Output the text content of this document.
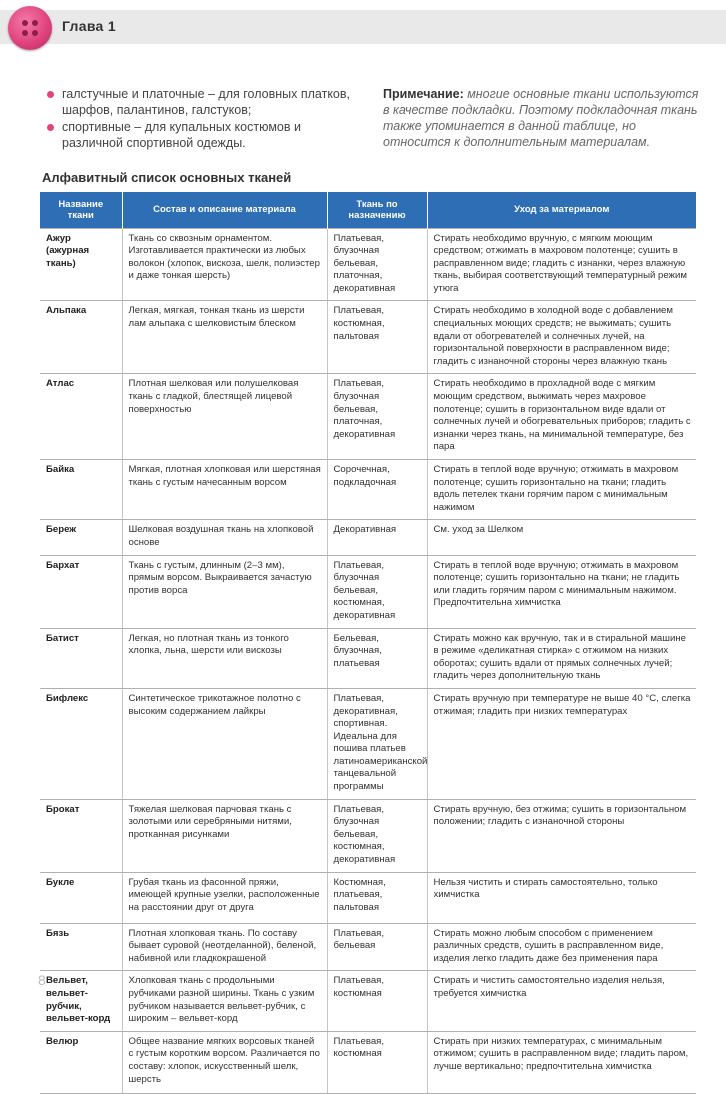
Глава 1
галстучные и платочные – для головных платков, шарфов, палантинов, галстуков;
спортивные – для купальных костюмов и различной спортивной одежды.
Примечание: многие основные ткани используются в качестве подкладки. Поэтому подкладочная ткань также упоминается в данной таблице, но относится к дополнительным материалам.
Алфавитный список основных тканей
Название ткани	Состав и описание материала	Ткань по назначению	Уход за материалом
Ажур (ажурная ткань)	Ткань со сквозным орнаментом. Изготавливается практически из любых волокон (хлопок, вискоза, шелк, полиэстер и даже тонкая шерсть)	Платьевая, блузочная бельевая, платочная, декоративная	Стирать необходимо вручную, с мягким моющим средством; отжимать в махровом полотенце; сушить в расправленном виде; гладить с изнанки, через влажную ткань, выбирая соответствующий температурный режим утюга
Альпака	Легкая, мягкая, тонкая ткань из шерсти лам альпака с шелковистым блеском	Платьевая, костюмная, пальтовая	Стирать необходимо в холодной воде с добавлением специальных моющих средств; не выжимать; сушить вдали от обогревателей и солнечных лучей, на горизонтальной поверхности в расправленном виде; гладить с изнаночной стороны через влажную ткань
Атлас	Плотная шелковая или полушелковая ткань с гладкой, блестящей лицевой поверхностью	Платьевая, блузочная бельевая, платочная, декоративная	Стирать необходимо в прохладной воде с мягким моющим средством, выжимать через махровое полотенце; сушить в горизонтальном виде вдали от солнечных лучей и обогревательных приборов; гладить с изнанки через ткань, на минимальной температуре, без пара
Байка	Мягкая, плотная хлопковая или шерстяная ткань с густым начесанным ворсом	Сорочечная, подкладочная	Стирать в теплой воде вручную; отжимать в махровом полотенце; сушить горизонтально на ткани; гладить вдоль петелек ткани горячим паром с минимальным нажимом
Береж	Шелковая воздушная ткань на хлопковой основе	Декоративная	См. уход за Шелком
Бархат	Ткань с густым, длинным (2–3 мм), прямым ворсом. Выкраивается зачастую против ворса	Платьевая, блузочная бельевая, костюмная, декоративная	Стирать в теплой воде вручную; отжимать в махровом полотенце; сушить горизонтально на ткани; не гладить или гладить горячим паром с минимальным нажимом. Предпочтительна химчистка
Батист	Легкая, но плотная ткань из тонкого хлопка, льна, шерсти или вискозы	Бельевая, блузочная, платьевая	Стирать можно как вручную, так и в стиральной машине в режиме «деликатная стирка» с отжимом на низких оборотах; сушить вдали от прямых солнечных лучей; гладить через дополнительную ткань
Бифлекс	Синтетическое трикотажное полотно с высоким содержанием лайкры	Платьевая, декоративная, спортивная. Идеальна для пошива платьев латиноамериканской танцевальной программы	Стирать вручную при температуре не выше 40 °С, слегка отжимая; гладить при низких температурах
Брокат	Тяжелая шелковая парчовая ткань с золотыми или серебряными нитями, протканная рисунками	Платьевая, блузочная бельевая, костюмная, декоративная	Стирать вручную, без отжима; сушить в горизонтальном положении; гладить с изнаночной стороны
Букле	Грубая ткань из фасонной пряжи, имеющей крупные узелки, расположенные на расстоянии друг от друга	Костюмная, платьевая, пальтовая	Нельзя чистить и стирать самостоятельно, только химчистка
Бязь	Плотная хлопковая ткань. По составу бывает суровой (неотделанной), беленой, набивной или гладкокрашеной	Платьевая, бельевая	Стирать можно любым способом с применением различных средств, сушить в расправленном виде, изделия легко гладить даже без применения пара
Вельвет, вельвет-рубчик, вельвет-корд	Хлопковая ткань с продольными рубчиками разной ширины. Ткань с узким рубчиком называется вельвет-рубчик, с широким – вельвет-корд	Платьевая, костюмная	Стирать и чистить самостоятельно изделия нельзя, требуется химчистка
Велюр	Общее название мягких ворсовых тканей с густым коротким ворсом. Различается по составу: хлопок, искусственный шелк, шерсть	Платьевая, костюмная	Стирать при низких температурах, с минимальным отжимом; сушить в расправленном виде; гладить паром, лучше вертикально; предпочтительна химчистка
8
